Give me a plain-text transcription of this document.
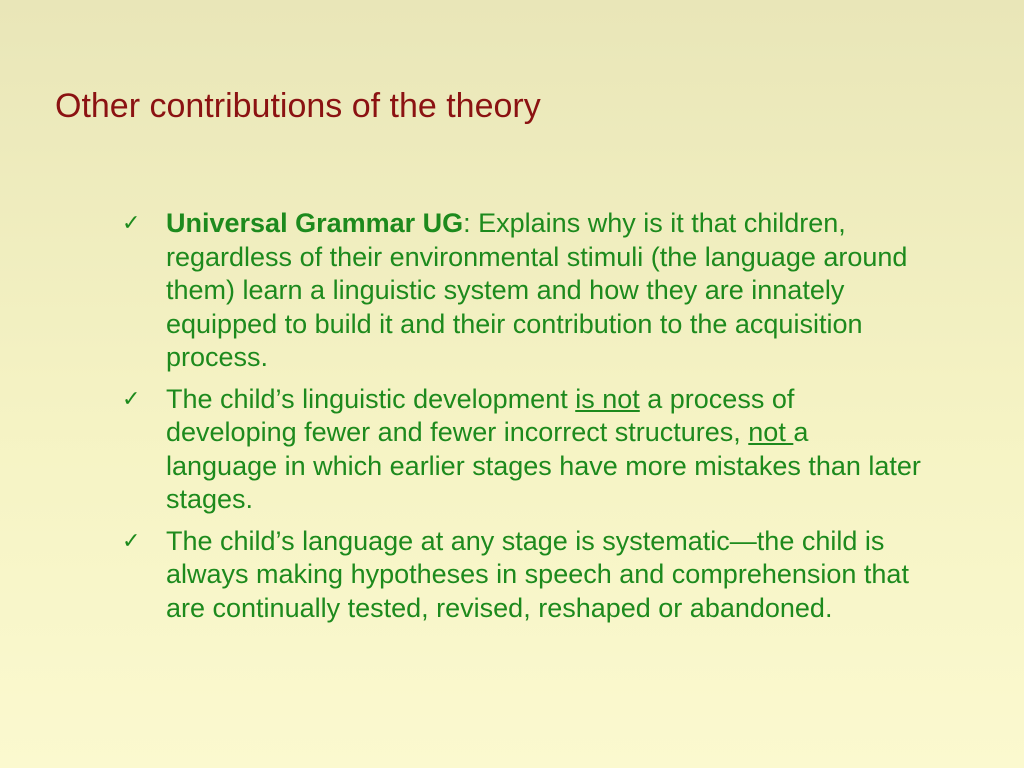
Other contributions of the theory
✓ Universal Grammar UG: Explains why is it that children, regardless of their environmental stimuli (the language around them) learn a linguistic system and how they are innately equipped to build it and their contribution to the acquisition process.
✓ The child’s linguistic development is not a process of developing fewer and fewer incorrect structures, not a language in which earlier stages have more mistakes than later stages.
✓ The child’s language at any stage is systematic—the child is always making hypotheses in speech and comprehension that are continually tested, revised, reshaped or abandoned.
